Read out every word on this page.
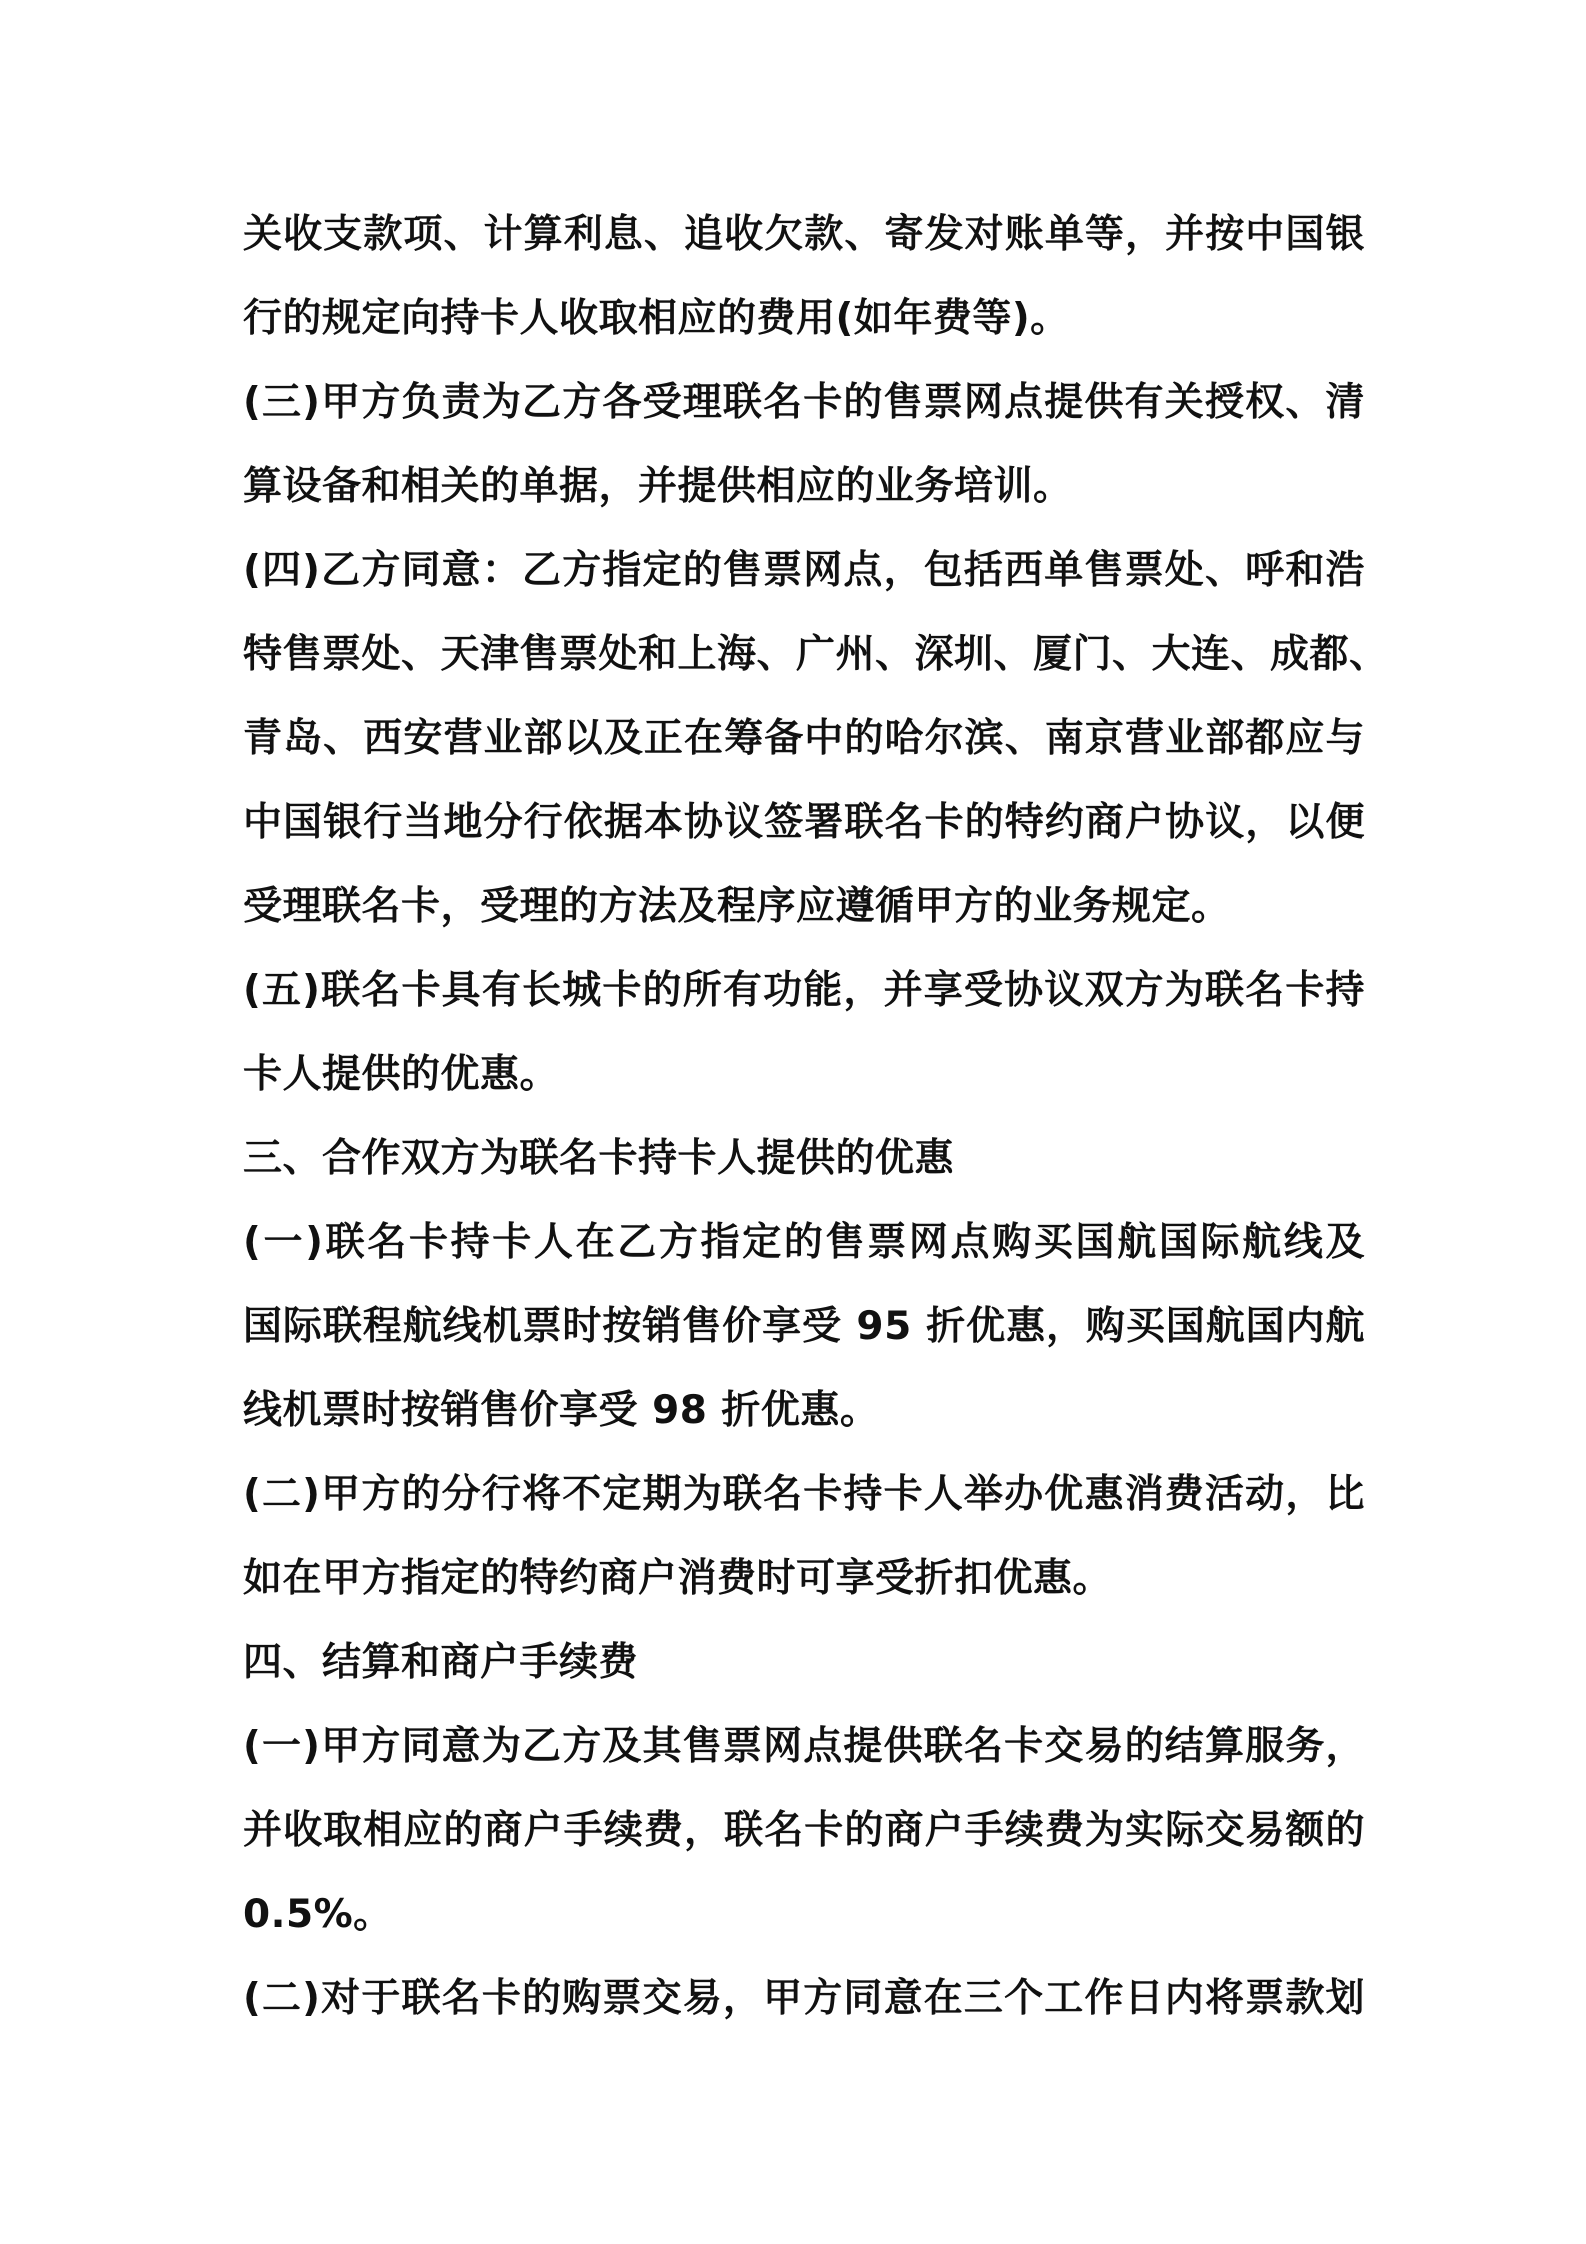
关收支款项、计算利息、追收欠款、寄发对账单等，并按中国银
行的规定向持卡人收取相应的费用(如年费等)。
(三)甲方负责为乙方各受理联名卡的售票网点提供有关授权、清
算设备和相关的单据，并提供相应的业务培训。
(四)乙方同意：乙方指定的售票网点，包括西单售票处、呼和浩
特售票处、天津售票处和上海、广州、深圳、厦门、大连、成都、
青岛、西安营业部以及正在筹备中的哈尔滨、南京营业部都应与
中国银行当地分行依据本协议签署联名卡的特约商户协议，以便
受理联名卡，受理的方法及程序应遵循甲方的业务规定。
(五)联名卡具有长城卡的所有功能，并享受协议双方为联名卡持
卡人提供的优惠。
三、合作双方为联名卡持卡人提供的优惠
(一)联名卡持卡人在乙方指定的售票网点购买国航国际航线及
国际联程航线机票时按销售价享受 95 折优惠，购买国航国内航
线机票时按销售价享受 98 折优惠。
(二)甲方的分行将不定期为联名卡持卡人举办优惠消费活动，比
如在甲方指定的特约商户消费时可享受折扣优惠。
四、结算和商户手续费
(一)甲方同意为乙方及其售票网点提供联名卡交易的结算服务，
并收取相应的商户手续费，联名卡的商户手续费为实际交易额的
0.5%。
(二)对于联名卡的购票交易，甲方同意在三个工作日内将票款划
